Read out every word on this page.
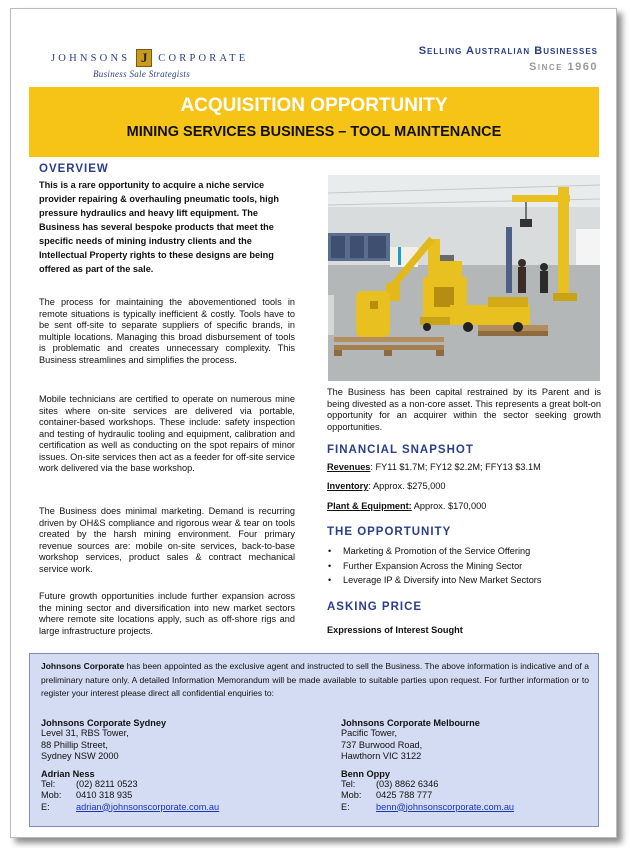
JOHNSONS J	CORPORATE
Business Sale Strategists
Selling Australian Businesses
Since 1960
ACQUISITION OPPORTUNITY
MINING SERVICES BUSINESS – TOOL MAINTENANCE
OVERVIEW
This is a rare opportunity to acquire a niche service provider repairing & overhauling pneumatic tools, high pressure hydraulics and heavy lift equipment. The Business has several bespoke products that meet the specific needs of mining industry clients and the Intellectual Property rights to these designs are being offered as part of the sale.
The process for maintaining the abovementioned tools in remote situations is typically inefficient & costly. Tools have to be sent off-site to separate suppliers of specific brands, in multiple locations. Managing this broad disbursement of tools is problematic and creates unnecessary complexity. This Business streamlines and simplifies the process.
Mobile technicians are certified to operate on numerous mine sites where on-site services are delivered via portable, container-based workshops. These include: safety inspection and testing of hydraulic tooling and equipment, calibration and certification as well as conducting on the spot repairs of minor issues. On-site services then act as a feeder for off-site service work delivered via the base workshop.
The Business does minimal marketing. Demand is recurring driven by OH&S compliance and rigorous wear & tear on tools created by the harsh mining environment. Four primary revenue sources are: mobile on-site services, back-to-base workshop services, product sales & contract mechanical service work.
Future growth opportunities include further expansion across the mining sector and diversification into new market sectors where remote site locations apply, such as off-shore rigs and large infrastructure projects.
The Business has been capital restrained by its Parent and is being divested as a non-core asset. This represents a great bolt-on opportunity for an acquirer within the sector seeking growth opportunities.
FINANCIAL SNAPSHOT
Revenues: FY11 $1.7M; FY12 $2.2M; FFY13 $3.1M
Inventory: Approx. $275,000
Plant & Equipment: Approx. $170,000
THE OPPORTUNITY
• Marketing & Promotion of the Service Offering
• Further Expansion Across the Mining Sector
• Leverage IP & Diversify into New Market Sectors
ASKING PRICE
Expressions of Interest Sought
Johnsons Corporate has been appointed as the exclusive agent and instructed to sell the Business. The above information is indicative and of a preliminary nature only. A detailed Information Memorandum will be made available to suitable parties upon request. For further information or to register your interest please direct all confidential enquiries to:
Johnsons Corporate Sydney
Level 31, RBS Tower,
88 Phillip Street,
Sydney NSW 2000
Adrian Ness
Tel:	(02) 8211 0523
Mob:	0410 318 935
E:	adrian@johnsonscorporate.com.au
Johnsons Corporate Melbourne
Pacific Tower,
737 Burwood Road,
Hawthorn VIC 3122
Benn Oppy
Tel:	(03) 8862 6346
Mob:	0425 788 777
E:	benn@johnsonscorporate.com.au
